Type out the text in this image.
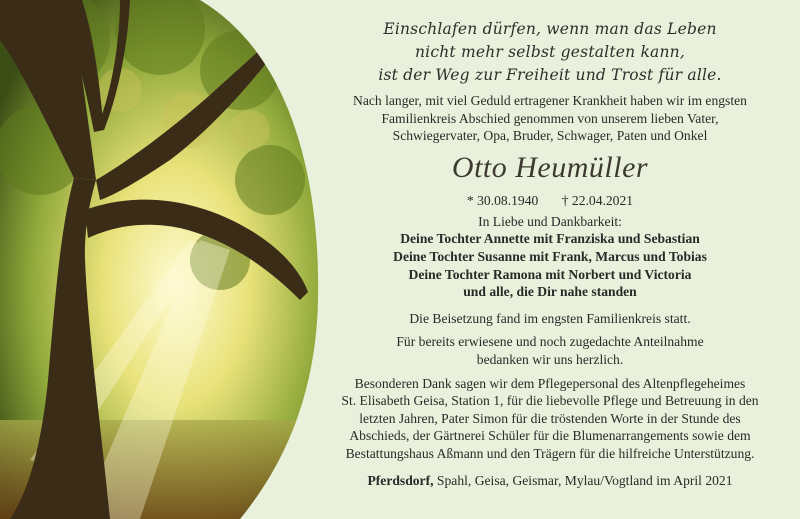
Einschlafen dürfen, wenn man das Leben
nicht mehr selbst gestalten kann,
ist der Weg zur Freiheit und Trost für alle.
Nach langer, mit viel Geduld ertragener Krankheit haben wir im engsten
Familienkreis Abschied genommen von unserem lieben Vater,
Schwiegervater, Opa, Bruder, Schwager, Paten und Onkel
Otto Heumüller
* 30.08.1940 † 22.04.2021
In Liebe und Dankbarkeit:
Deine Tochter Annette mit Franziska und Sebastian
Deine Tochter Susanne mit Frank, Marcus und Tobias
Deine Tochter Ramona mit Norbert und Victoria
und alle, die Dir nahe standen
Die Beisetzung fand im engsten Familienkreis statt.
Für bereits erwiesene und noch zugedachte Anteilnahme
bedanken wir uns herzlich.
Besonderen Dank sagen wir dem Pflegepersonal des Altenpflegeheimes
St. Elisabeth Geisa, Station 1, für die liebevolle Pflege und Betreuung in den
letzten Jahren, Pater Simon für die tröstenden Worte in der Stunde des
Abschieds, der Gärtnerei Schüler für die Blumenarrangements sowie dem
Bestattungshaus Aßmann und den Trägern für die hilfreiche Unterstützung.
Pferdsdorf, Spahl, Geisa, Geismar, Mylau/Vogtland im April 2021
